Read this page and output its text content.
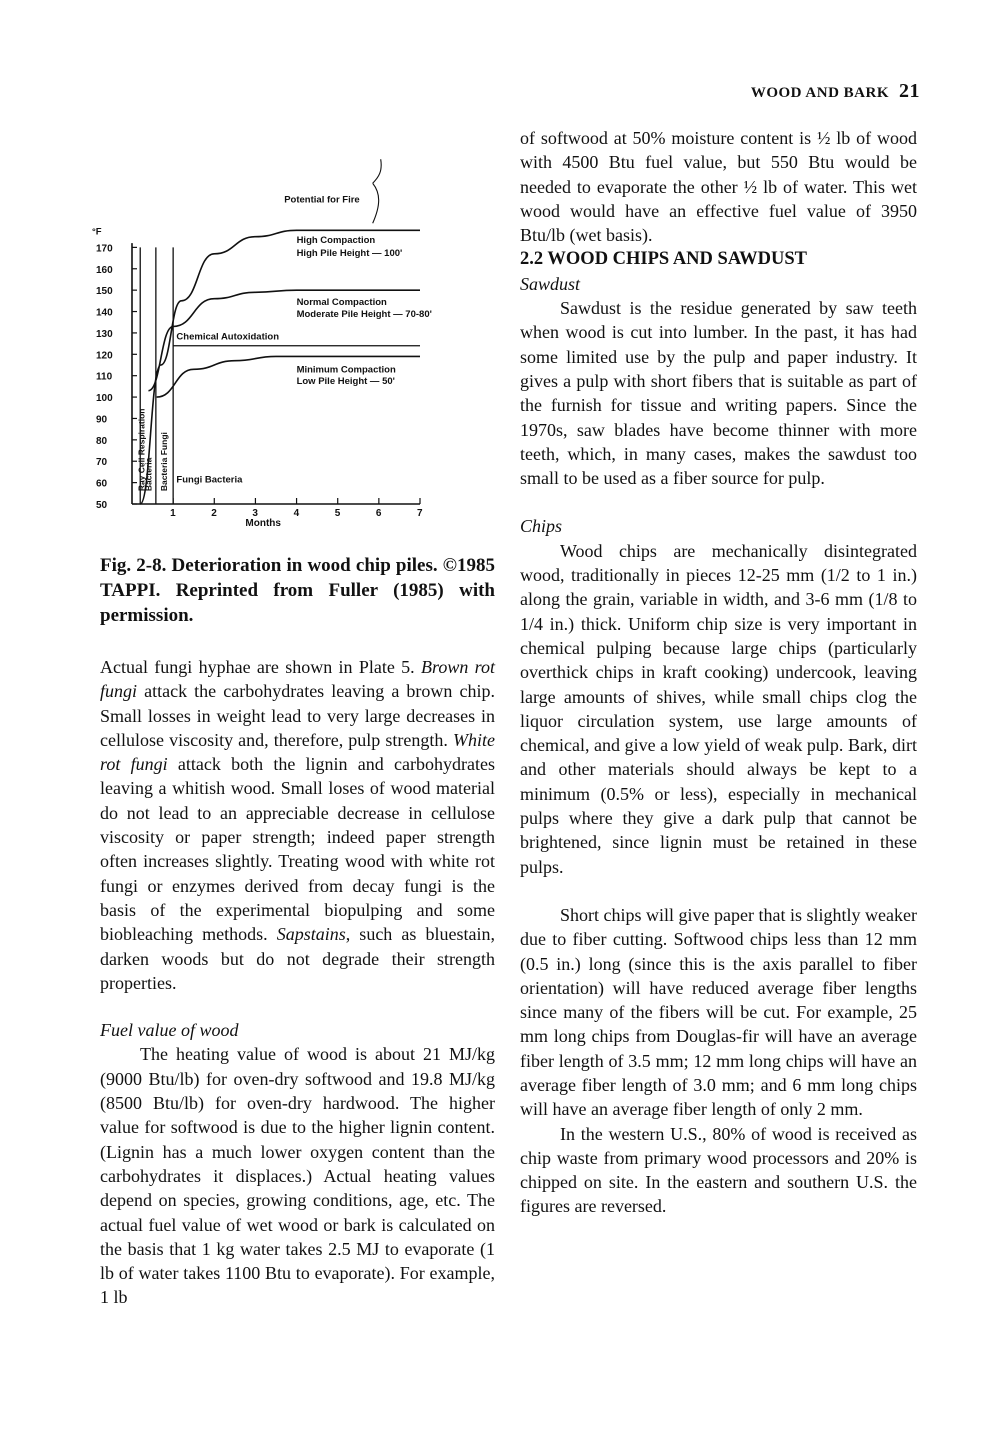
WOOD AND BARK 21
°F
50
60
70
80
90
100
110
120
130
140
150
160
170
1	2	3	4	5	6	7
Months
Potential for Fire
High Compaction
High Pile Height — 100'
Normal Compaction
Moderate Pile Height — 70-80'
Minimum Compaction
Low Pile Height — 50'
Chemical Autoxidation
Fungi Bacteria
Ray Cell Respiration
Bacteria Bacteria Fungi
Fig. 2-8. Deterioration in wood chip piles. ©1985 TAPPI. Reprinted from Fuller (1985) with permission.

Actual fungi hyphae are shown in Plate 5. Brown rot fungi attack the carbohydrates leaving a brown chip. Small losses in weight lead to very large decreases in cellulose viscosity and, therefore, pulp strength. White rot fungi attack both the lignin and carbohydrates leaving a whitish wood. Small loses of wood material do not lead to an appreciable decrease in cellulose viscosity or paper strength; indeed paper strength often increases slightly. Treating wood with white rot fungi or enzymes derived from decay fungi is the basis of the experimental biopulping and some biobleaching methods. Sapstains, such as bluestain, darken woods but do not degrade their strength properties.

Fuel value of wood

The heating value of wood is about 21 MJ/kg (9000 Btu/lb) for oven-dry softwood and 19.8 MJ/kg (8500 Btu/lb) for oven-dry hardwood. The higher value for softwood is due to the higher lignin content. (Lignin has a much lower oxygen content than the carbohydrates it displaces.) Actual heating values depend on species, growing conditions, age, etc. The actual fuel value of wet wood or bark is calculated on the basis that 1 kg water takes 2.5 MJ to evaporate (1 lb of water takes 1100 Btu to evaporate). For example, 1 lb

of softwood at 50% moisture content is ½ lb of wood with 4500 Btu fuel value, but 550 Btu would be needed to evaporate the other ½ lb of water. This wet wood would have an effective fuel value of 3950 Btu/lb (wet basis).

2.2 WOOD CHIPS AND SAWDUST

Sawdust

Sawdust is the residue generated by saw teeth when wood is cut into lumber. In the past, it has had some limited use by the pulp and paper industry. It gives a pulp with short fibers that is suitable as part of the furnish for tissue and writing papers. Since the 1970s, saw blades have become thinner with more teeth, which, in many cases, makes the sawdust too small to be used as a fiber source for pulp.

Chips

Wood chips are mechanically disintegrated wood, traditionally in pieces 12-25 mm (1/2 to 1 in.) along the grain, variable in width, and 3-6 mm (1/8 to 1/4 in.) thick. Uniform chip size is very important in chemical pulping because large chips (particularly overthick chips in kraft cooking) undercook, leaving large amounts of shives, while small chips clog the liquor circulation system, use large amounts of chemical, and give a low yield of weak pulp. Bark, dirt and other materials should always be kept to a minimum (0.5% or less), especially in mechanical pulps where they give a dark pulp that cannot be brightened, since lignin must be retained in these pulps.

Short chips will give paper that is slightly weaker due to fiber cutting. Softwood chips less than 12 mm (0.5 in.) long (since this is the axis parallel to fiber orientation) will have reduced average fiber lengths since many of the fibers will be cut. For example, 25 mm long chips from Douglas-fir will have an average fiber length of 3.5 mm; 12 mm long chips will have an average fiber length of 3.0 mm; and 6 mm long chips will have an average fiber length of only 2 mm.

In the western U.S., 80% of wood is received as chip waste from primary wood processors and 20% is chipped on site. In the eastern and southern U.S. the figures are reversed.
